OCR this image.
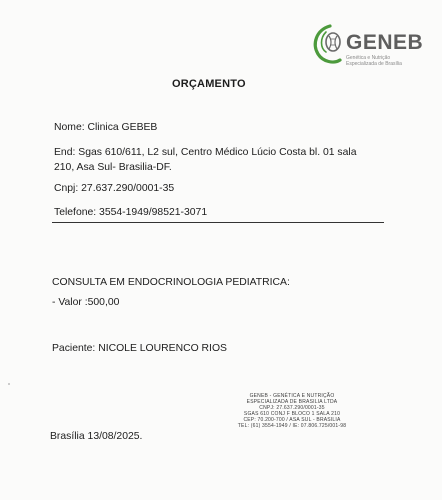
GENEB
Genética e Nutrição
Especializada de Brasília
ORÇAMENTO
Nome: Clinica GEBEB
End: Sgas 610/611, L2 sul, Centro Médico Lúcio Costa bl. 01 sala
210, Asa Sul- Brasilia-DF.
Cnpj: 27.637.290/0001-35
Telefone: 3554-1949/98521-3071
CONSULTA EM ENDOCRINOLOGIA PEDIATRICA:
- Valor :500,00
Paciente: NICOLE LOURENCO RIOS
GENEB - GENÉTICA E NUTRIÇÃO
ESPECIALIZADA DE BRASILIA LTDA
CNPJ: 27.637.290/0001-35
SGAS 610 CONJ F BLOCO 1 SALA 210
CEP: 70.200-700 / ASA SUL - BRASILIA
TEL: (61) 3554-1949 / IE: 07.806.725/001-98
Brasília 13/08/2025.
